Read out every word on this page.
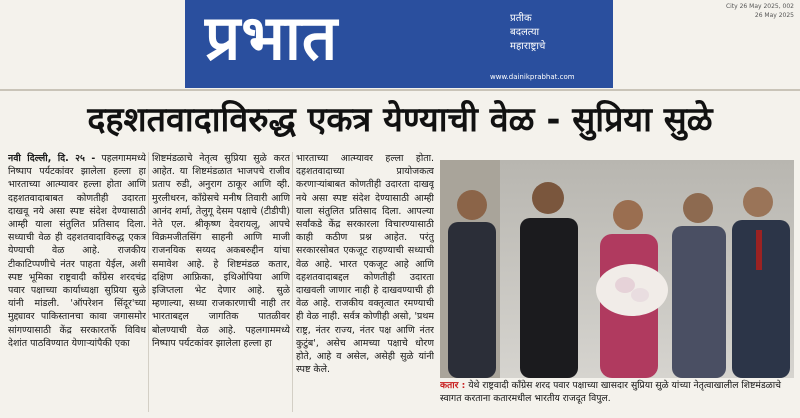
प्रभात	प्रतीक
बदलत्या
महाराष्ट्राचे
www.dainikprabhat.com
City 26 May 2025, 002
26 May 2025
दहशतवादाविरुद्ध एकत्र येण्याची वेळ - सुप्रिया सुळे

नवी दिल्ली, दि. २५ - पहलगाममध्ये निष्पाप पर्यटकांवर झालेला हल्ला हा भारताच्या आत्म्यावर हल्ला होता आणि दहशतवादाबाबत कोणतीही उदारता दाखवू नये असा स्पष्ट संदेश देण्यासाठी आम्ही याला संतुलित प्रतिसाद दिला. सध्याची वेळ ही दहशतवादाविरुद्ध एकत्र येण्याची वेळ आहे. राजकीय टीकाटिप्पणीचे नंतर पाहता येईल, अशी स्पष्ट भूमिका राष्ट्रवादी काँग्रेस शरदचंद्र पवार पक्षाच्या कार्याध्यक्षा सुप्रिया सुळे यांनी मांडली. 'ऑपरेशन सिंदूर'च्या मुद्द्यावर पाकिस्तानचा कावा जगासमोर सांगण्यासाठी केंद्र सरकारतर्फे विविध देशांत पाठविण्यात येणाऱ्यांपैकी एका

शिष्टमंडळाचे नेतृत्व सुप्रिया सुळे करत आहेत. या शिष्टमंडळात भाजपचे राजीव प्रताप रुडी, अनुराग ठाकूर आणि व्ही. मुरलीधरन, काँग्रेसचे मनीष तिवारी आणि आनंद शर्मा, तेलुगू देसम पक्षाचे (टीडीपी) नेते एल. श्रीकृष्ण देवरायलू, आपचे विक्रमजीतसिंग साहनी आणि माजी राजनयिक सय्यद अकबरुद्दीन यांचा समावेश आहे. हे शिष्टमंडळ कतार, दक्षिण आफ्रिका, इथिओपिया आणि इजिप्तला भेट देणार आहे. सुळे म्हणाल्या, सध्या राजकारणाची नाही तर भारताबद्दल जागतिक पातळीवर बोलण्याची वेळ आहे. पहलगाममध्ये निष्पाप पर्यटकांवर झालेला हल्ला हा

भारताच्या आत्म्यावर हल्ला होता. दहशतवादाच्या प्रायोजकत्व करणाऱ्यांबाबत कोणतीही उदारता दाखवू नये असा स्पष्ट संदेश देण्यासाठी आम्ही याला संतुलित प्रतिसाद दिला. आपल्या सर्वांकडे केंद्र सरकारला विचारण्यासाठी काही कठीण प्रश्न आहेत. परंतु सरकारसोबत एकजूट राहण्याची सध्याची वेळ आहे. भारत एकजूट आहे आणि दहशतवादाबद्दल कोणतीही उदारता दाखवली जाणार नाही हे दाखवण्याची ही वेळ आहे. राजकीय वक्तृत्वात रमण्याची ही वेळ नाही. सर्वत्र कोणीही असो, 'प्रथम राष्ट्र, नंतर राज्य, नंतर पक्ष आणि नंतर कुटुंब', असेच आमच्या पक्षाचे धोरण होते, आहे व असेल, असेही सुळे यांनी स्पष्ट केले.

कतार : येथे राष्ट्रवादी काँग्रेस शरद पवार पक्षाच्या खासदार सुप्रिया सुळे यांच्या नेतृत्वाखालील शिष्टमंडळाचे स्वागत करताना कतारमधील भारतीय राजदूत विपुल.
